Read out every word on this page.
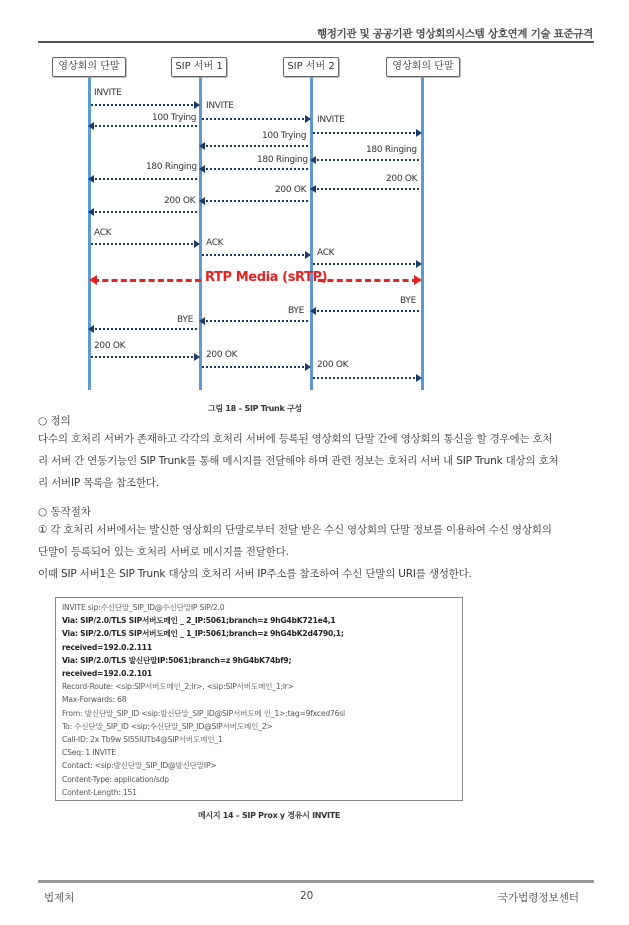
행정기관 및 공공기관 영상회의시스템 상호연계 기술 표준규격
영상회의 단말	SIP 서버 1	SIP 서버 2	영상회의 단말
INVITE
INVITE
100 Trying	INVITE
100 Trying
180 Ringing
180 Ringing
180 Ringing
200 OK
200 OK
200 OK
ACK
ACK
ACK
RTP Media (sRTP)
BYE
BYE
BYE
200 OK
200 OK
200 OK
그림 18 – SIP Trunk 구성
○ 정의
다수의 호처리 서버가 존재하고 각각의 호처리 서버에 등록된 영상회의 단말 간에 영상회의 통신을 할 경우에는 호처
리 서버 간 연동기능인 SIP Trunk를 통해 메시지를 전달해야 하며 관련 정보는 호처리 서버 내 SIP Trunk 대상의 호처
리 서버IP 목록을 참조한다.
○ 동작절차
① 각 호처리 서버에서는 발신한 영상회의 단말로부터 전달 받은 수신 영상회의 단말 정보를 이용하여 수신 영상회의
단말이 등록되어 있는 호처리 서버로 메시지를 전달한다.
이때 SIP 서버1은 SIP Trunk 대상의 호처리 서버 IP주소를 참조하여 수신 단말의 URI를 생성한다.
INVITE sip:수신단말_SIP_ID@수신단말IP SIP/2.0
Via: SIP/2.0/TLS SIP서버도메인 _ 2_IP:5061;branch=z 9hG4bK721e4,1
Via: SIP/2.0/TLS SIP서버도메인 _ 1_IP:5061;branch=z 9hG4bK2d4790,1;
received=192.0.2.111
Via: SIP/2.0/TLS 발신단말IP:5061;branch=z 9hG4bK74bf9;
received=192.0.2.101
Record-Route: <sip:SIP서버도메인_2;lr>, <sip:SIP서버도메인_1;lr>
Max-Forwards: 68
From: 발신단말_SIP_ID <sip:발신단말_SIP_ID@SIP서버도메 인_1>;tag=9fxced76sl
To: 수신단말_SIP_ID <sip:수신단말_SIP_ID@SIP서버도메인_2>
Call-ID: 2x Tb9w SI55IUTb4@SIP서버도메인_1
CSeq: 1 INVITE
Contact: <sip:발신단말_SIP_ID@발신단말IP>
Content-Type: application/sdp
Content-Length: 151
메시지 14 – SIP Prox y 경유시 INVITE
법제처	20	국가법령정보센터
